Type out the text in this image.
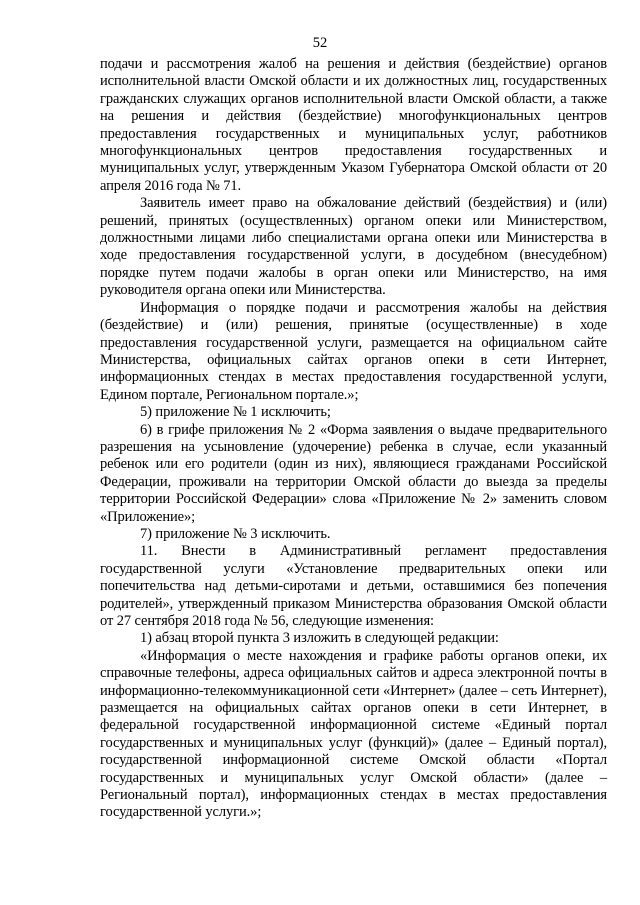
52

подачи и рассмотрения жалоб на решения и действия (бездействие) органов исполнительной власти Омской области и их должностных лиц, государственных гражданских служащих органов исполнительной власти Омской области, а также на решения и действия (бездействие) многофункциональных центров предоставления государственных и муниципальных услуг, работников многофункциональных центров предоставления государственных и муниципальных услуг, утвержденным Указом Губернатора Омской области от 20 апреля 2016 года № 71.

Заявитель имеет право на обжалование действий (бездействия) и (или) решений, принятых (осуществленных) органом опеки или Министерством, должностными лицами либо специалистами органа опеки или Министерства в ходе предоставления государственной услуги, в досудебном (внесудебном) порядке путем подачи жалобы в орган опеки или Министерство, на имя руководителя органа опеки или Министерства.

Информация о порядке подачи и рассмотрения жалобы на действия (бездействие) и (или) решения, принятые (осуществленные) в ходе предоставления государственной услуги, размещается на официальном сайте Министерства, официальных сайтах органов опеки в сети Интернет, информационных стендах в местах предоставления государственной услуги, Едином портале, Региональном портале.»;

5) приложение № 1 исключить;

6) в грифе приложения № 2 «Форма заявления о выдаче предварительного разрешения на усыновление (удочерение) ребенка в случае, если указанный ребенок или его родители (один из них), являющиеся гражданами Российской Федерации, проживали на территории Омской области до выезда за пределы территории Российской Федерации» слова «Приложение № 2» заменить словом «Приложение»;

7) приложение № 3 исключить.

11. Внести в Административный регламент предоставления государственной услуги «Установление предварительных опеки или попечительства над детьми-сиротами и детьми, оставшимися без попечения родителей», утвержденный приказом Министерства образования Омской области от 27 сентября 2018 года № 56, следующие изменения:

1) абзац второй пункта 3 изложить в следующей редакции:

«Информация о месте нахождения и графике работы органов опеки, их справочные телефоны, адреса официальных сайтов и адреса электронной почты в информационно-телекоммуникационной сети «Интернет» (далее – сеть Интернет), размещается на официальных сайтах органов опеки в сети Интернет, в федеральной государственной информационной системе «Единый портал государственных и муниципальных услуг (функций)» (далее – Единый портал), государственной информационной системе Омской области «Портал государственных и муниципальных услуг Омской области» (далее – Региональный портал), информационных стендах в местах предоставления государственной услуги.»;
